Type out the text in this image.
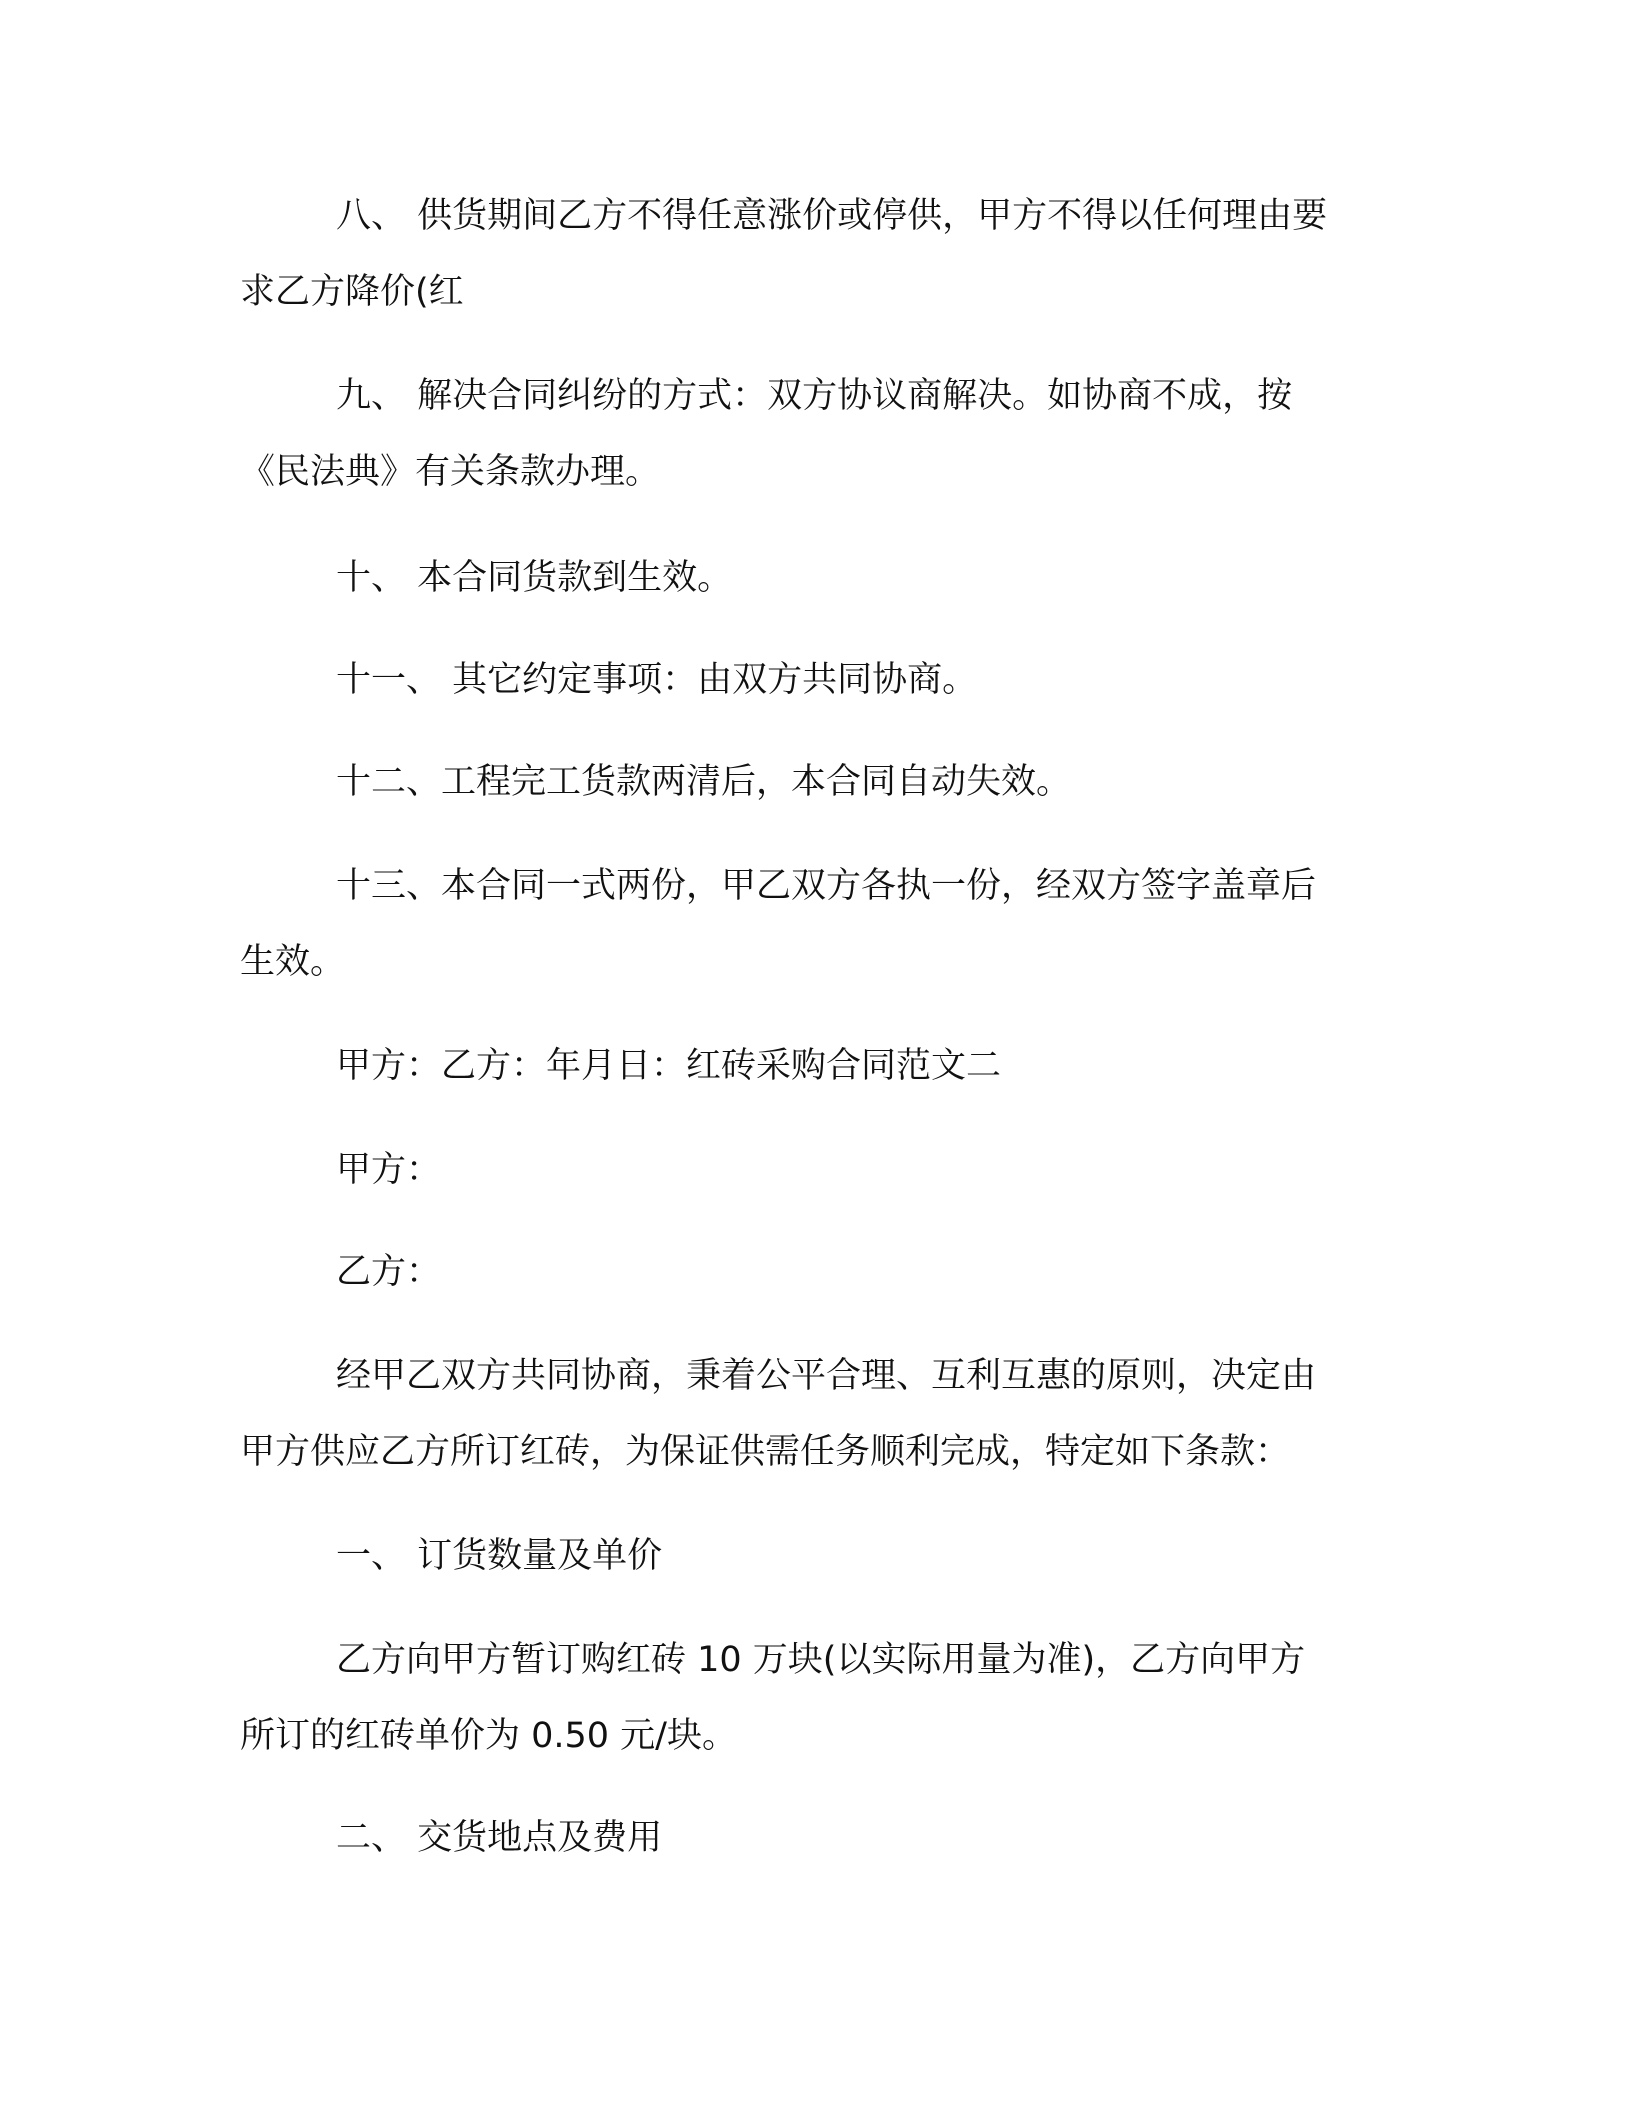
八、 供货期间乙方不得任意涨价或停供，甲方不得以任何理由要
求乙方降价(红
九、 解决合同纠纷的方式：双方协议商解决。如协商不成，按
《民法典》有关条款办理。
十、 本合同货款到生效。
十一、 其它约定事项：由双方共同协商。
十二、工程完工货款两清后，本合同自动失效。
十三、本合同一式两份，甲乙双方各执一份，经双方签字盖章后
生效。
甲方：乙方：年月日：红砖采购合同范文二
甲方：
乙方：
经甲乙双方共同协商，秉着公平合理、互利互惠的原则，决定由
甲方供应乙方所订红砖，为保证供需任务顺利完成，特定如下条款：
一、 订货数量及单价
乙方向甲方暂订购红砖 10 万块(以实际用量为准)，乙方向甲方
所订的红砖单价为 0.50 元/块。
二、 交货地点及费用
